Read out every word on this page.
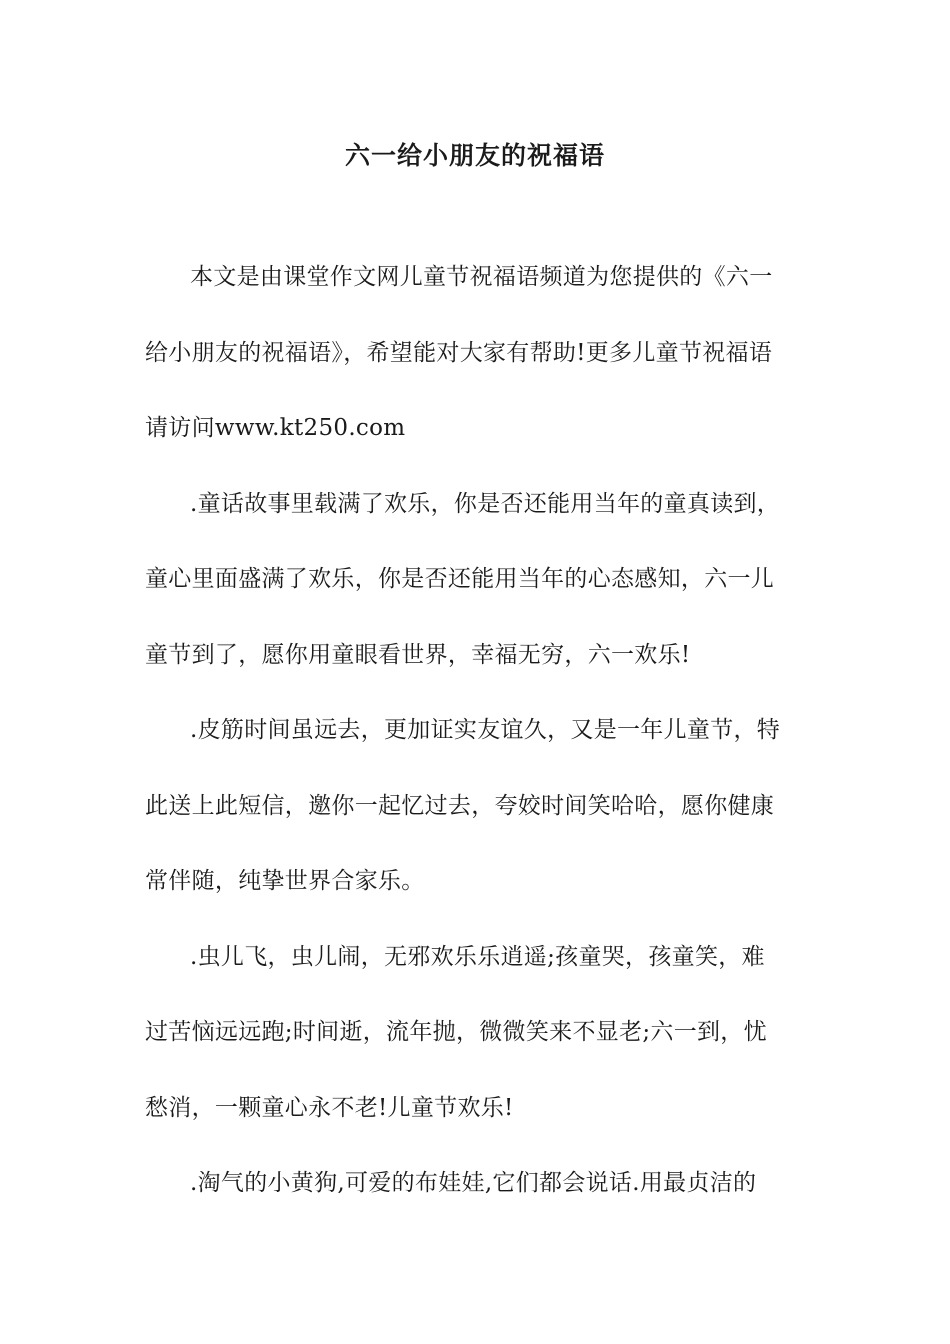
六一给小朋友的祝福语
本文是由课堂作文网儿童节祝福语频道为您提供的《六一
给小朋友的祝福语》，希望能对大家有帮助!更多儿童节祝福语
请访问www.kt250.com
.童话故事里载满了欢乐，你是否还能用当年的童真读到，
童心里面盛满了欢乐，你是否还能用当年的心态感知，六一儿
童节到了，愿你用童眼看世界，幸福无穷，六一欢乐!
.皮筋时间虽远去，更加证实友谊久，又是一年儿童节，特
此送上此短信，邀你一起忆过去，夸姣时间笑哈哈，愿你健康
常伴随，纯挚世界合家乐。
.虫儿飞，虫儿闹，无邪欢乐乐逍遥;孩童哭，孩童笑，难
过苦恼远远跑;时间逝，流年抛，微微笑来不显老;六一到，忧
愁消，一颗童心永不老!儿童节欢乐!
.淘气的小黄狗,可爱的布娃娃,它们都会说话.用最贞洁的
